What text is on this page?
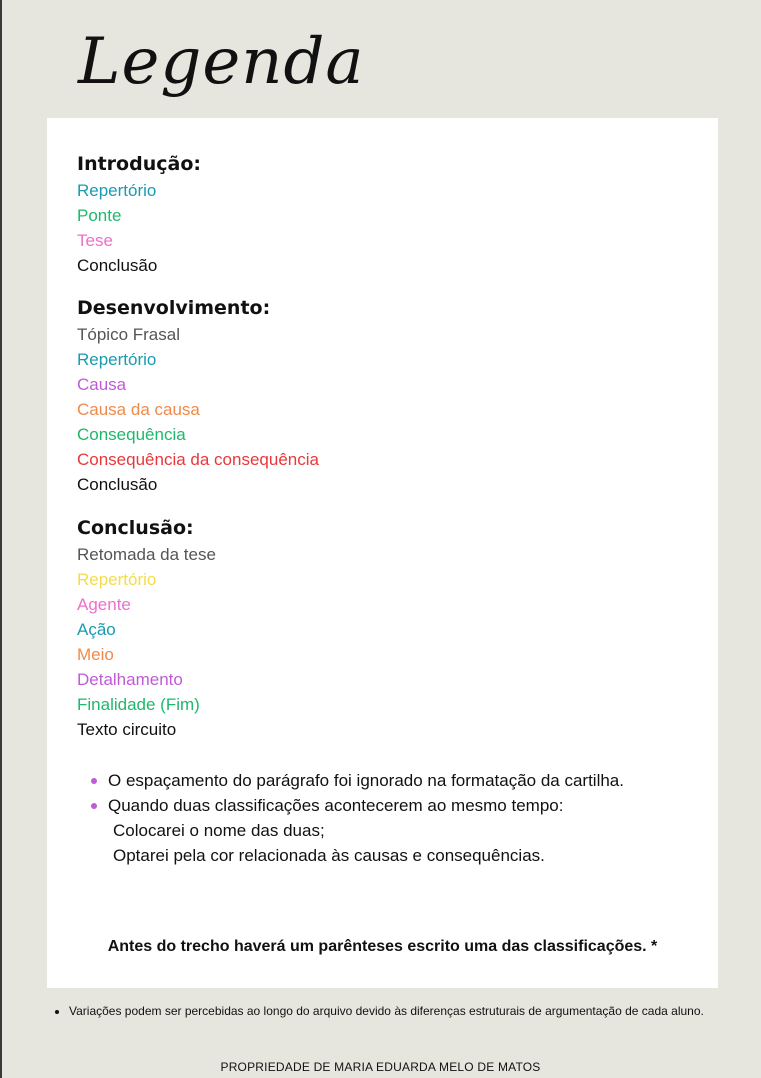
Legenda
Introdução:
Repertório
Ponte
Tese
Conclusão
Desenvolvimento:
Tópico Frasal
Repertório
Causa
Causa da causa
Consequência
Consequência da consequência
Conclusão
Conclusão:
Retomada da tese
Repertório
Agente
Ação
Meio
Detalhamento
Finalidade (Fim)
Texto circuito
O espaçamento do parágrafo foi ignorado na formatação da cartilha.
Quando duas classificações acontecerem ao mesmo tempo:
Colocarei o nome das duas;
Optarei pela cor relacionada às causas e consequências.
Antes do trecho haverá um parênteses escrito uma das classificações. *
Variações podem ser percebidas ao longo do arquivo devido às diferenças estruturais de argumentação de cada aluno.
PROPRIEDADE DE MARIA EDUARDA MELO DE MATOS
